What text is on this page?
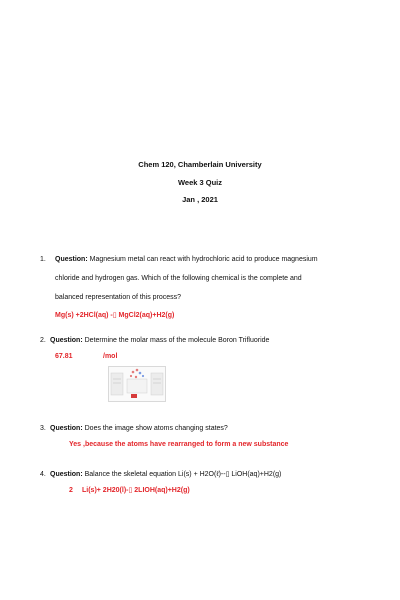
Chem 120, Chamberlain University
Week 3 Quiz
Jan , 2021
1. Question: Magnesium metal can react with hydrochloric acid to produce magnesium
chloride and hydrogen gas. Which of the following chemical is the complete and
balanced representation of this process?
Mg(s) +2HCl(aq) -▯ MgCl2(aq)+H2(g)
2. Question: Determine the molar mass of the molecule Boron Trifluoride
67.81	/mol
3. Question: Does the image show atoms changing states?
Yes ,because the atoms have rearranged to form a new substance
4. Question: Balance the skeletal equation Li(s) + H2O(ℓ)--▯ LiOH(aq)+H2(g)
2 Li(s)+ 2H20(l)-▯ 2LIOH(aq)+H2(g)
